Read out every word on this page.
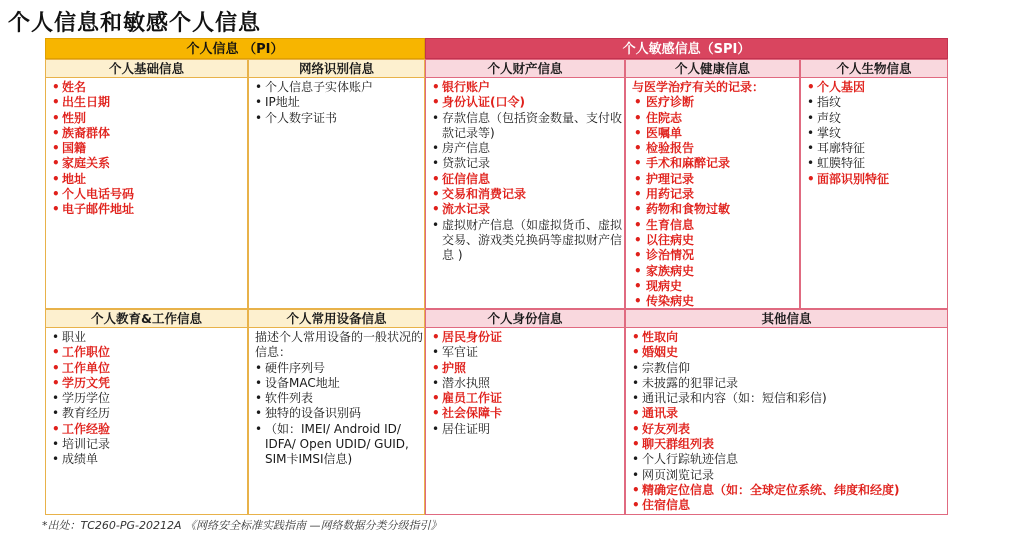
个人信息和敏感个人信息
个人信息 （PI）	个人敏感信息（SPI）
个人基础信息
• 姓名
• 出生日期
• 性别
• 族裔群体
• 国籍
• 家庭关系
• 地址
• 个人电话号码
• 电子邮件地址
网络识别信息
• 个人信息子实体账户
• IP地址
• 个人数字证书
个人财产信息
• 银行账户
• 身份认证(口令)
• 存款信息（包括资金数量、支付收款记录等)
• 房产信息
• 贷款记录
• 征信信息
• 交易和消费记录
• 流水记录
• 虚拟财产信息（如虚拟货币、虚拟交易、游戏类兑换码等虚拟财产信息 )
个人健康信息
与医学治疗有关的记录：
• 医疗诊断
• 住院志
• 医嘱单
• 检验报告
• 手术和麻醉记录
• 护理记录
• 用药记录
• 药物和食物过敏
• 生育信息
• 以往病史
• 诊治情况
• 家族病史
• 现病史
• 传染病史
个人生物信息
• 个人基因
• 指纹
• 声纹
• 掌纹
• 耳廓特征
• 虹膜特征
• 面部识别特征
个人教育&工作信息
• 职业
• 工作职位
• 工作单位
• 学历文凭
• 学历学位
• 教育经历
• 工作经验
• 培训记录
• 成绩单
个人常用设备信息
描述个人常用设备的一般状况的信息：
• 硬件序列号
• 设备MAC地址
• 软件列表
• 独特的设备识别码
• （如：IMEI/ Android ID/ IDFA/ Open UDID/ GUID, SIM卡IMSI信息)
个人身份信息
• 居民身份证
• 军官证
• 护照
• 潜水执照
• 雇员工作证
• 社会保障卡
• 居住证明
其他信息
• 性取向
• 婚姻史
• 宗教信仰
• 未披露的犯罪记录
• 通讯记录和内容（如：短信和彩信)
• 通讯录
• 好友列表
• 聊天群组列表
• 个人行踪轨迹信息
• 网页浏览记录
• 精确定位信息（如：全球定位系统、纬度和经度)
• 住宿信息
*出处：TC260-PG-20212A 《网络安全标准实践指南 —网络数据分类分级指引》
